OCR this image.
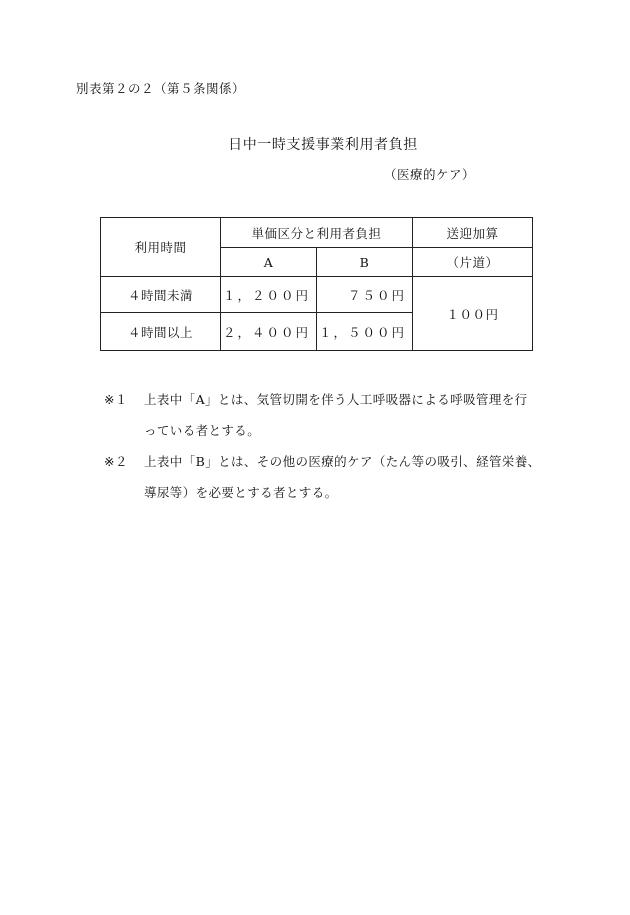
別表第２の２（第５条関係）
日中一時支援事業利用者負担
（医療的ケア）
利用時間	単価区分と利用者負担		送迎加算
	A	B	（片道）
４時間未満	１，２００円	７５０円	１００円
４時間以上	２，４００円	１，５００円	
※１ 上表中「A」とは、気管切開を伴う人工呼吸器による呼吸管理を行
っている者とする。
※２ 上表中「B」とは、その他の医療的ケア（たん等の吸引、経管栄養、
導尿等）を必要とする者とする。
